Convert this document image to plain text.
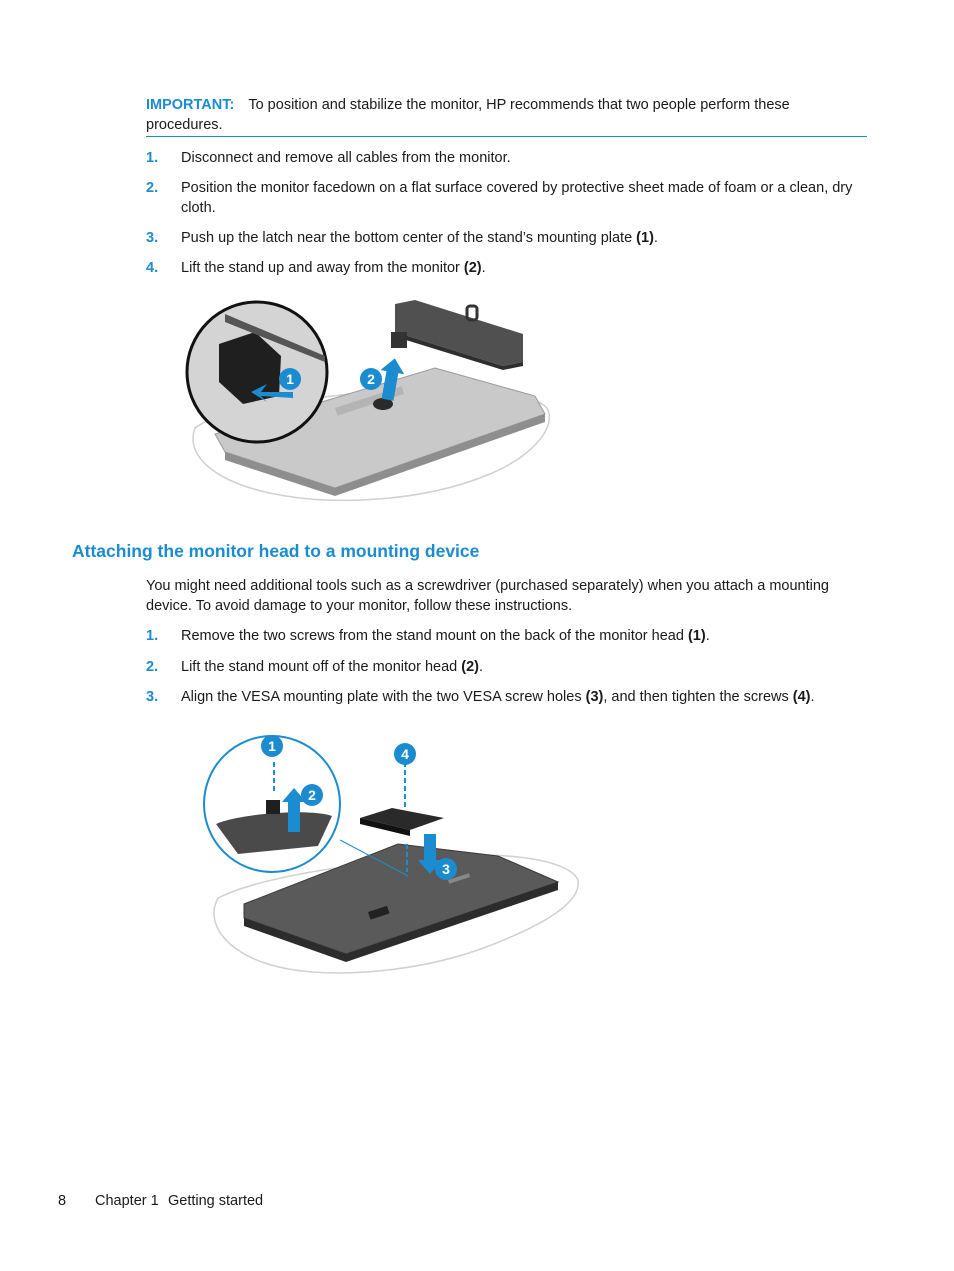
IMPORTANT: To position and stabilize the monitor, HP recommends that two people perform these procedures.
1. Disconnect and remove all cables from the monitor.
2. Position the monitor facedown on a flat surface covered by protective sheet made of foam or a clean, dry cloth.
3. Push up the latch near the bottom center of the stand’s mounting plate (1).
4. Lift the stand up and away from the monitor (2).
1	2
Attaching the monitor head to a mounting device
You might need additional tools such as a screwdriver (purchased separately) when you attach a mounting device. To avoid damage to your monitor, follow these instructions.
1. Remove the two screws from the stand mount on the back of the monitor head (1).
2. Lift the stand mount off of the monitor head (2).
3. Align the VESA mounting plate with the two VESA screw holes (3), and then tighten the screws (4).
1
2
3
4
8 Chapter 1 Getting started
